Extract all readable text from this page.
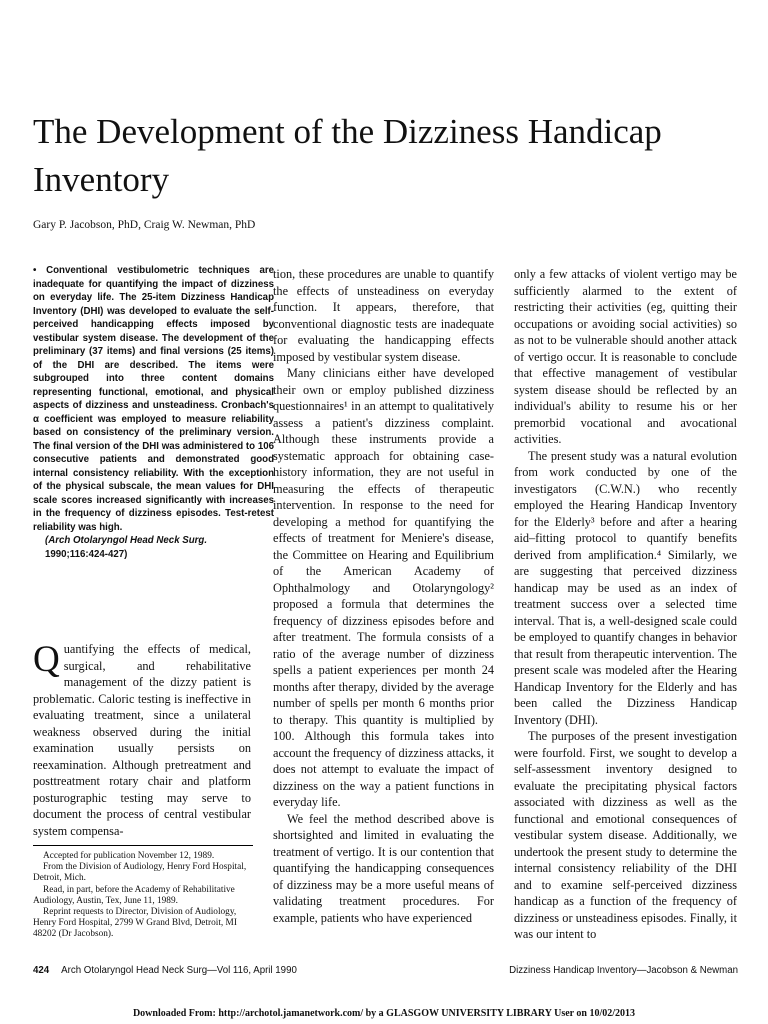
The Development of the Dizziness Handicap Inventory
Gary P. Jacobson, PhD, Craig W. Newman, PhD

• Conventional vestibulometric techniques are inadequate for quantifying the impact of dizziness on everyday life. The 25-item Dizziness Handicap Inventory (DHI) was developed to evaluate the self-perceived handicapping effects imposed by vestibular system disease. The development of the preliminary (37 items) and final versions (25 items) of the DHI are described. The items were subgrouped into three content domains representing functional, emotional, and physical aspects of dizziness and unsteadiness. Cronbach's α coefficient was employed to measure reliability based on consistency of the preliminary version. The final version of the DHI was administered to 106 consecutive patients and demonstrated good internal consistency reliability. With the exception of the physical subscale, the mean values for DHI scale scores increased significantly with increases in the frequency of dizziness episodes. Test-retest reliability was high.

(Arch Otolaryngol Head Neck Surg.
1990;116:424-427)

Quantifying the effects of medical, surgical, and rehabilitative management of the dizzy patient is problematic. Caloric testing is ineffective in evaluating treatment, since a unilateral weakness observed during the initial examination usually persists on reexamination. Although pretreatment and posttreatment rotary chair and platform posturographic testing may serve to document the process of central vestibular system compensa-

Accepted for publication November 12, 1989.

From the Division of Audiology, Henry Ford Hospital, Detroit, Mich.

Read, in part, before the Academy of Rehabilitative Audiology, Austin, Tex, June 11, 1989.

Reprint requests to Director, Division of Audiology, Henry Ford Hospital, 2799 W Grand Blvd, Detroit, MI 48202 (Dr Jacobson).

tion, these procedures are unable to quantify the effects of unsteadiness on everyday function. It appears, therefore, that conventional diagnostic tests are inadequate for evaluating the handicapping effects imposed by vestibular system disease.

Many clinicians either have developed their own or employ published dizziness questionnaires¹ in an attempt to qualitatively assess a patient's dizziness complaint. Although these instruments provide a systematic approach for obtaining case-history information, they are not useful in measuring the effects of therapeutic intervention. In response to the need for developing a method for quantifying the effects of treatment for Meniere's disease, the Committee on Hearing and Equilibrium of the American Academy of Ophthalmology and Otolaryngology² proposed a formula that determines the frequency of dizziness episodes before and after treatment. The formula consists of a ratio of the average number of dizziness spells a patient experiences per month 24 months after therapy, divided by the average number of spells per month 6 months prior to therapy. This quantity is multiplied by 100. Although this formula takes into account the frequency of dizziness attacks, it does not attempt to evaluate the impact of dizziness on the way a patient functions in everyday life.

We feel the method described above is shortsighted and limited in evaluating the treatment of vertigo. It is our contention that quantifying the handicapping consequences of dizziness may be a more useful means of validating treatment procedures. For example, patients who have experienced

only a few attacks of violent vertigo may be sufficiently alarmed to the extent of restricting their activities (eg, quitting their occupations or avoiding social activities) so as not to be vulnerable should another attack of vertigo occur. It is reasonable to conclude that effective management of vestibular system disease should be reflected by an individual's ability to resume his or her premorbid vocational and avocational activities.

The present study was a natural evolution from work conducted by one of the investigators (C.W.N.) who recently employed the Hearing Handicap Inventory for the Elderly³ before and after a hearing aid–fitting protocol to quantify benefits derived from amplification.⁴ Similarly, we are suggesting that perceived dizziness handicap may be used as an index of treatment success over a selected time interval. That is, a well-designed scale could be employed to quantify changes in behavior that result from therapeutic intervention. The present scale was modeled after the Hearing Handicap Inventory for the Elderly and has been called the Dizziness Handicap Inventory (DHI).

The purposes of the present investigation were fourfold. First, we sought to develop a self-assessment inventory designed to evaluate the precipitating physical factors associated with dizziness as well as the functional and emotional consequences of vestibular system disease. Additionally, we undertook the present study to determine the internal consistency reliability of the DHI and to examine self-perceived dizziness handicap as a function of the frequency of dizziness or unsteadiness episodes. Finally, it was our intent to

424 Arch Otolaryngol Head Neck Surg—Vol 116, April 1990	Dizziness Handicap Inventory—Jacobson & Newman
Downloaded From: http://archotol.jamanetwork.com/ by a GLASGOW UNIVERSITY LIBRARY User on 10/02/2013
